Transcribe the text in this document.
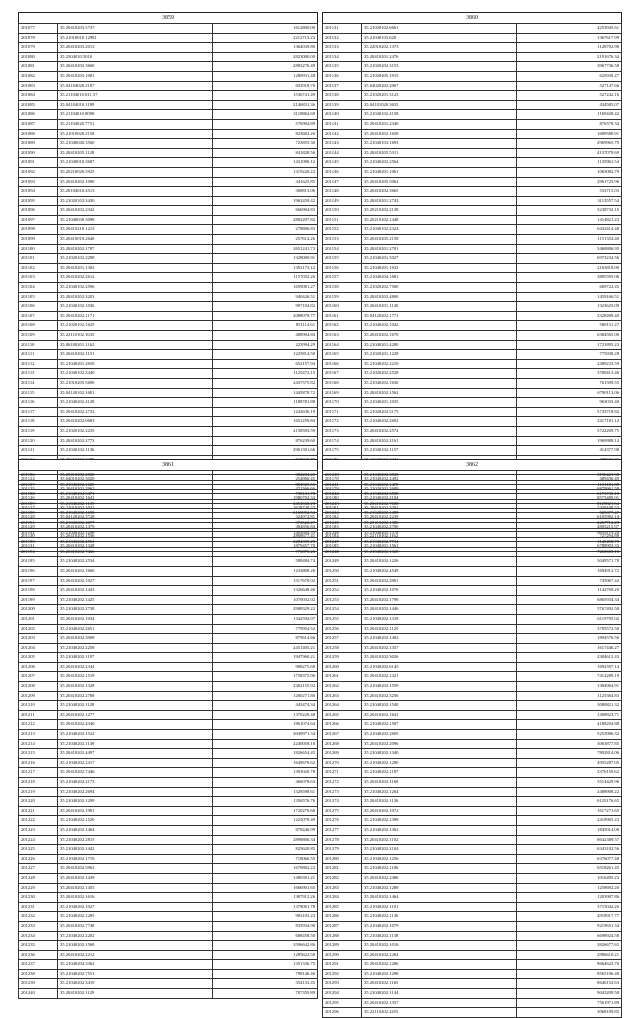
3859
201077	35.20410203.5737	1612800.00
201078	35.21010010.12981	2212713.23
201079	35.20410203.2013	1364039.80
201080	35.2304010.5010	2823000.00
201081	35.20410203.3660	2883276.49
201082	35.20410203.1081	1280931.48
201083	35.04104020.2107	692918.76
201084	35.21104010.811.57	1536741.49
201085	35.04104010.1189	2146831.36
201086	35.21104010.8090	2118864.69
201087	35.21104020.7751	576904.89
201088	35.21010020.2158	823602.26
201089	35.21040040.3560	723855.30
201090	35.20410205.1128	841828.56
201091	35.21040010.3687	1431096.12
201092	35.20210020.5925	1319226.22
201093	35.20410202.1090	341625.85
201094	35.20104010.4513	308813.06
201095	35.21020102.3430	1962459.42
201096	35.20410202.2342	666904.83
201097	35.21040030.5098	2882207.82
201098	35.20410210.1213	278806.83
201099	35.20410010.2640	257614.26
201100	35.20410202.1787	2651241.73
201101	35.21020102.2298	1328000.91
201102	35.20410201.1302	1392173.12
201103	35.20410202.2612	1157052.26
201104	35.21040102.2596	1659081.27
201105	35.20410202.3203	940426.51
201106	35.21040102.1036	997104.82
201107	35.20410202.1171	2088078.77
201108	35.21020102.1625	851114.61
201109	35.22110102.1635	408904.84
201110	35.06100201.1162	223994.29
201111	35.20410202.1131	1225814.50
201112	35.21040201.2650	652157.94
201113	35.21040102.3440	1125472.15
201114	35.21010205.5690	2437575.82
201115	35.04120102.1681	1445878.72
201116	35.21040202.4128	1188781.88
201117	35.20410202.2732	1242636.19
201118	35.20410202.0683	1651259.84
201119	35.21020102.2235	2158593.59
201120	35.20410202.2773	876239.60
201121	35.21040102.1136	2961301.66

201124	35.04010202.3020	254866.45
201125	35.20410202.2962	471566.66
201126	35.20410202.1641	1980702.34
201127	35.21010202.1042	1628728.27
201128	35.04120202.3728	324972.81
201129	35.20410202.1379	384856.84
201130	35.20410202.1556	2868677.41
201131	35.20410202.1328	1879457.70
3860
201131	35.21020102.6661	4253945.61
201132	35.21040103.620	1367617.99
201133	35.22010202.1373	1128702.98
201134	35.20410201.2476	2191676.34
201135	35.21020202.3153	3967736.58
201136	35.21020405.1915	625939.27
201137	35.04020202.2067	527147.66
201138	35.21020201.3123	527242.16
201139	35.04101020.3655	434585.07
201140	35.21040102.4158	1169428.42
201141	35.20410201.2346	876578.34
201142	35.20410202.1658	1689580.91
201143	35.21040103.1693	2969965.79
201144	35.20410205.5311	4137079.69
201145	35.21040202.2564	1135961.54
201146	35.21040201.1061	1065082.79
201147	35.20410205.5062	2961725.96
201148	35.20410202.3665	533715.03
201149	35.20410201.2743	3113557.54
201150	35.20210202.2138	3238732.15
201151	35.20210202.1448	1414821.23
201152	35.21040102.2324	6432414.48
201153	35.20410205.2158	1151354.40
201154	35.20410201.2701	3468806.95
201155	35.21040201.5027	6973234.56
201156	35.21040201.1632	2163818.00
201157	35.21040204.1681	3885595.06
201158	35.21020202.7500	609722.45
201159	35.20410202.4800	1459166.51
201160	35.20410201.1130	1323625.09
201161	35.04120202.1771	3328499.40
201162	35.21040202.1042	580131.27
201163	35.20410202.1670	6384565.00
201164	35.21040201.4280	1721895.23
201165	35.21020201.1228	775938.28
201166	35.21040202.2210	2489233.59
201167	35.21020202.2528	3780413.46
201168	35.21040202.1630	761509.55
201169	35.20410202.1562	6790113.06
201170	35.21040201.1035	963033.40
201171	35.21020202.5175	5733718.82
201172	35.21040202.2602	2417181.12
201173	35.20410202.2574	5722209.75
201174	35.20410202.2161	1969988.14
201175	35.21040102.1157	414377.98

201178	35.21040202.2492	489436.49
201179	35.21020202.2609	6879961.58
201180	35.21040202.2104	8575489.01
201181	35.20410202.3201	2439108.53
201182	35.20410202.2239	6105982.10
201183	35.21040202.2700	4805215.97
201184	35.22110102.1162	727294.88
201185	35.21040201.1561	6788903.33
3861
201186	35.20410202.2000	382204.20
201187	35.21040202.1605	804925.55
201188	35.21040204.5471	738131.78
201189	35.21040202.1135	2454668.23
201190	35.21040202.1698	2166952.53
201191	35.21040202.4677	372622.27
201192	35.21040202.1298	1462604.33
201193	35.21040202.2561	2284359.29
201194	35.20410202.7466	776876.26
201195	35.21040202.2534	588484.74
201196	35.20410202.1660	1233808.26
201197	35.20410202.1027	1517670.02
201198	35.20410202.1443	1326648.46
201199	35.21040202.1425	1070032.02
201200	35.21040202.2738	2908329.22
201201	35.20410202.1034	1342594.97
201202	35.21040202.2651	779954.52
201203	35.20410202.3008	875614.66
201204	35.21040202.2258	2451405.21
201205	35.21040202.1197	1947960.21
201206	35.20410202.2344	908275.68
201207	35.20410202.1519	1758375.96
201208	35.20410202.1328	2362155.92
201209	35.20410202.2768	1260271.80
201210	35.21040202.1128	443474.34
201211	35.20410202.1277	1370229.48
201212	35.20410202.4340	1861074.64
201213	35.21040202.1522	2049971.34
201214	35.21040202.1149	2240058.10
201215	35.20410202.4497	1826654.45
201216	35.21040202.2417	1649678.62
201217	35.20410202.7446	1393020.78
201218	35.21040202.2173	466078.63
201219	35.21040202.2694	1328598.61
201220	35.21040202.1299	1356576.76
201221	35.20410202.1981	1720270.66
201222	35.21040202.1520	1225078.49
201223	35.21040202.1464	878446.99
201224	35.21040202.2815	2898806.34
201225	35.21040202.1442	825620.85
201226	35.21040202.1719	718066.55
201227	35.20410202.5963	1670862.22
201228	35.20410202.1439	1480391.21
201229	35.20410202.1455	1666901.65
201230	35.20410202.1616	1387912.26
201231	35.21040202.1027	1378001.78
201232	35.21040202.1285	983103.23
201233	35.20410202.7748	835934.90
201234	35.21040202.2202	688458.50
201235	35.21040202.1568	3596642.86
201236	35.20410202.2212	1285622.58
201237	35.21040204.3362	1351336.75
201238	35.21040202.7551	798146.46
201239	35.21040202.3419	354133.45
201240	35.20410202.1129	707359.89
3862
201240	35.21040202.3035	3196421.90
201241	35.21040202.1470	1161181.89
201242	35.21040202.5508	6173735.10
201243	35.20410202.7608	8129821.64
201244	35.21040202.1498	525377.47
201245	35.20410202.1386	2267712.29
201246	35.21040205.1378	6959119.28
201247	35.21040202.7734	1145458.79
201248	35.21040202.1328	7260658.10
201249	35.20410202.1226	3049571.78
201250	35.21040202.4549	1694912.72
201251	35.20410202.2061	745967.42
201252	35.21040202.1076	1142769.20
201253	35.20410202.1798	6865934.34
201254	35.20410202.1446	5767492.58
201255	35.21040202.1318	6119795.02
201256	35.20410202.1125	3795572.50
201257	35.21040202.1402	1894576.56
201258	35.20410202.1357	1617446.27
201259	35.20410202.3026	2384612.43
201260	35.21040202.6145	1692597.14
201261	35.20410202.1321	7412289.19
201262	35.21040202.1559	1384964.91
201263	35.20410202.3256	1125364.83
201264	35.21040202.1540	3080821.32
201265	35.20410202.1641	1408823.71
201266	35.21040202.1587	4188204.88
201267	35.21040202.2605	5253986.32
201268	35.20410202.2096	3063877.85
201269	35.21040202.1340	7892814.06
201270	35.21040202.1290	4955287.05
201271	35.21040202.1187	3376159.62
201272	35.20410202.1160	3514429.96
201273	35.21040202.1264	2488908.22
201274	35.20410202.1136	6125176.65
201275	35.20410202.1072	1617271.65
201276	35.21040202.1398	2418905.23
201277	35.21040202.1362	1845014.08
201278	35.20410202.1102	8642389.57
201279	35.21040202.2104	6343102.56
201280	35.21040202.1256	6376077.48
201281	35.21040202.1106	6518261.45
201282	35.20410202.2486	1016495.23
201283	35.21040202.1288	1258692.20
201284	35.20410202.1464	1203987.86
201285	35.21040202.1101	3715042.26
201286	35.21040202.1136	4918917.77
201287	35.21040202.1079	9219651.34
201288	35.21040202.1138	6698924.58
201289	35.20410202.1016	3826677.65
201290	35.20410202.2284	2986610.21
201291	35.20410202.1286	8664623.70
201292	35.21040202.1298	8565106.48
201293	35.20410202.1165	8646152.63
201294	35.21040202.1144	9043209.58
201295	35.20410202.1357	7561971.89
201296	35.22110202.2455	3068109.85
